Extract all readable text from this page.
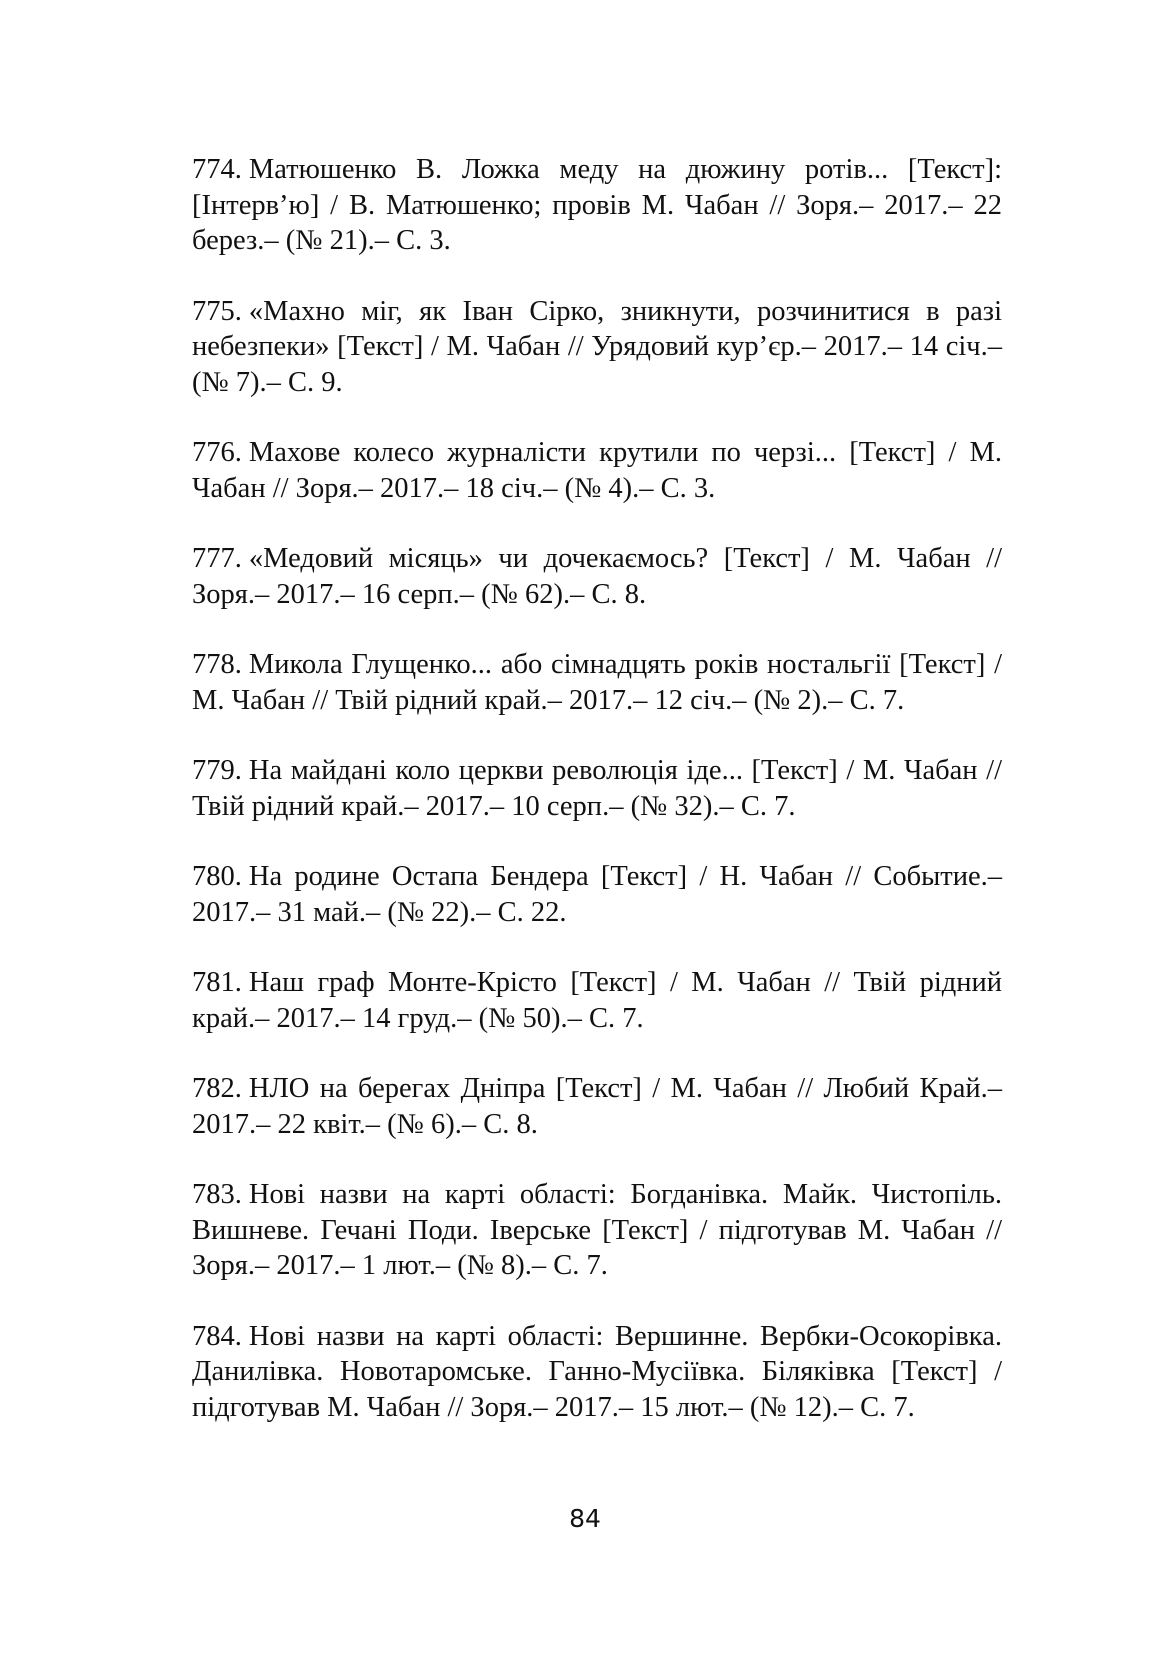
774. Матюшенко В. Ложка меду на дюжину ротів... [Текст]: [Інтерв’ю] / В. Матюшенко; провів М. Чабан // Зоря.– 2017.– 22 берез.– (№ 21).– С. 3.

775. «Махно міг, як Іван Сірко, зникнути, розчинитися в разі небезпеки» [Текст] / М. Чабан // Урядовий кур’єр.– 2017.– 14 січ.– (№ 7).– С. 9.

776. Махове колесо журналісти крутили по черзі... [Текст] / М. Чабан // Зоря.– 2017.– 18 січ.– (№ 4).– С. 3.

777. «Медовий місяць» чи дочекаємось? [Текст] / М. Чабан // Зоря.– 2017.– 16 серп.– (№ 62).– С. 8.

778. Микола Глущенко... або сімнадцять років ностальгії [Текст] / М. Чабан // Твій рідний край.– 2017.– 12 січ.– (№ 2).– С. 7.

779. На майдані коло церкви революція іде... [Текст] / М. Чабан // Твій рідний край.– 2017.– 10 серп.– (№ 32).– С. 7.

780. На родине Остапа Бендера [Текст] / Н. Чабан // Событие.– 2017.– 31 май.– (№ 22).– С. 22.

781. Наш граф Монте-Крісто [Текст] / М. Чабан // Твій рідний край.– 2017.– 14 груд.– (№ 50).– С. 7.

782. НЛО на берегах Дніпра [Текст] / М. Чабан // Любий Край.– 2017.– 22 квіт.– (№ 6).– С. 8.

783. Нові назви на карті області: Богданівка. Майк. Чистопіль. Вишневе. Гечані Поди. Іверське [Текст] / підготував М. Чабан // Зоря.– 2017.– 1 лют.– (№ 8).– С. 7.

784. Нові назви на карті області: Вершинне. Вербки-Осокорівка. Данилівка. Новотаромське. Ганно-Мусіївка. Біляківка [Текст] / підготував М. Чабан // Зоря.– 2017.– 15 лют.– (№ 12).– С. 7.

84
